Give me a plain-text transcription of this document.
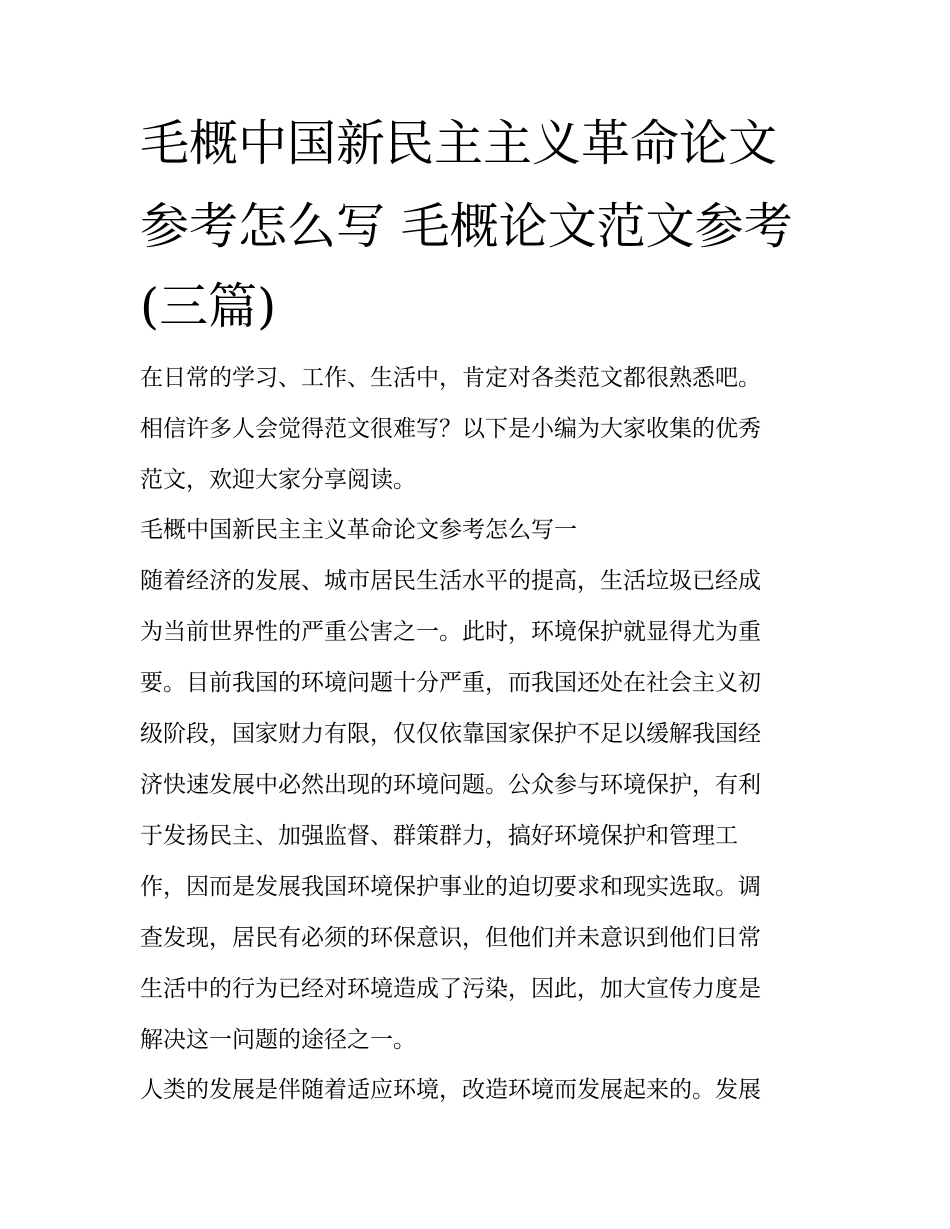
毛概中国新民主主义革命论文
参考怎么写 毛概论文范文参考
(三篇)
在日常的学习、工作、生活中，肯定对各类范文都很熟悉吧。
相信许多人会觉得范文很难写？以下是小编为大家收集的优秀
范文，欢迎大家分享阅读。
毛概中国新民主主义革命论文参考怎么写一
随着经济的发展、城市居民生活水平的提高，生活垃圾已经成
为当前世界性的严重公害之一。此时，环境保护就显得尤为重
要。目前我国的环境问题十分严重，而我国还处在社会主义初
级阶段，国家财力有限，仅仅依靠国家保护不足以缓解我国经
济快速发展中必然出现的环境问题。公众参与环境保护，有利
于发扬民主、加强监督、群策群力，搞好环境保护和管理工
作，因而是发展我国环境保护事业的迫切要求和现实选取。调
查发现，居民有必须的环保意识，但他们并未意识到他们日常
生活中的行为已经对环境造成了污染，因此，加大宣传力度是
解决这一问题的途径之一。
人类的发展是伴随着适应环境，改造环境而发展起来的。发展
